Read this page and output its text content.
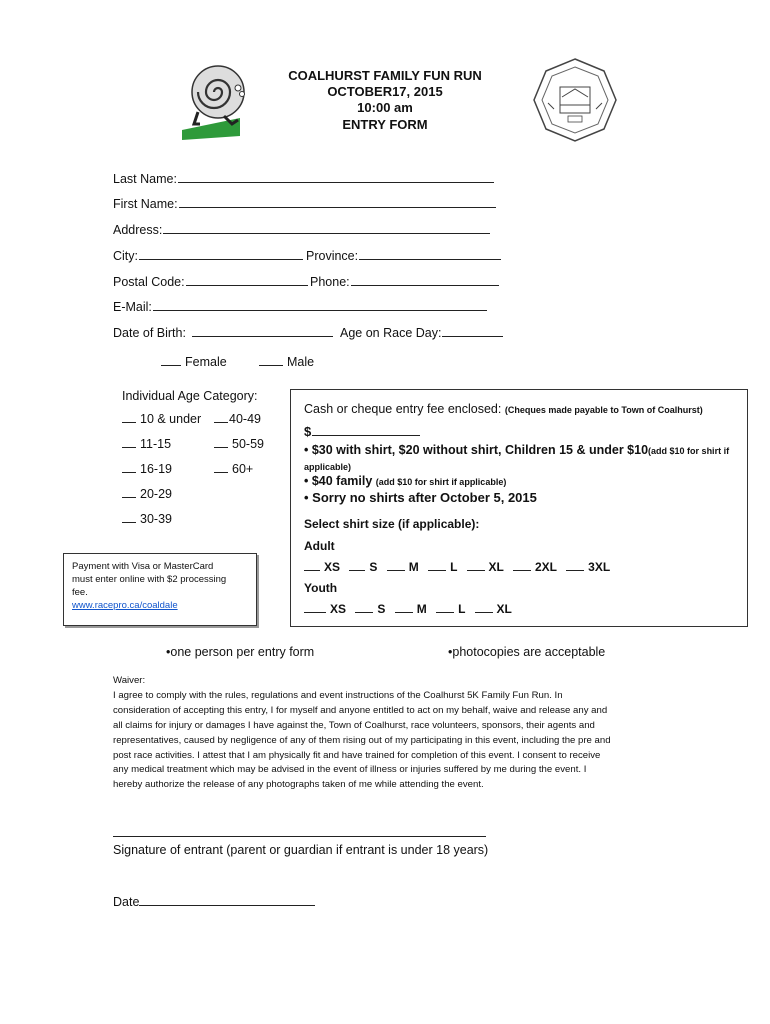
COALHURST FAMILY FUN RUN
OCTOBER17, 2015
10:00 am
ENTRY FORM
Last Name:
First Name:
Address:
City:	Province:
Postal Code:	Phone:
E-Mail:
Date of Birth:	Age on Race Day:
Female	Male
Individual Age Category:
10 & under	40-49
11-15	50-59
16-19	60+
20-29
30-39
Payment with Visa or MasterCard
must enter online with $2 processing
fee.
www.racepro.ca/coaldale
Cash or cheque entry fee enclosed: (Cheques made payable to Town of Coalhurst)
$
• $30 with shirt, $20 without shirt, Children 15 & under $10(add $10 for shirt if applicable)
• $40 family (add $10 for shirt if applicable)
• Sorry no shirts after October 5, 2015
Select shirt size (if applicable):
Adult
XS S	M	L	XL	2XL	3XL
Youth
XS	S	M	L	XL
•one person per entry form	•photocopies are acceptable

Waiver:

I agree to comply with the rules, regulations and event instructions of the Coalhurst 5K Family Fun Run. In

consideration of accepting this entry, I for myself and anyone entitled to act on my behalf, waive and release any and

all claims for injury or damages I have against the, Town of Coalhurst, race volunteers, sponsors, their agents and

representatives, caused by negligence of any of them rising out of my participating in this event, including the pre and

post race activities. I attest that I am physically fit and have trained for completion of this event. I consent to receive

any medical treatment which may be advised in the event of illness or injuries suffered by me during the event. I

hereby authorize the release of any photographs taken of me while attending the event.

Signature of entrant (parent or guardian if entrant is under 18 years)
Date
